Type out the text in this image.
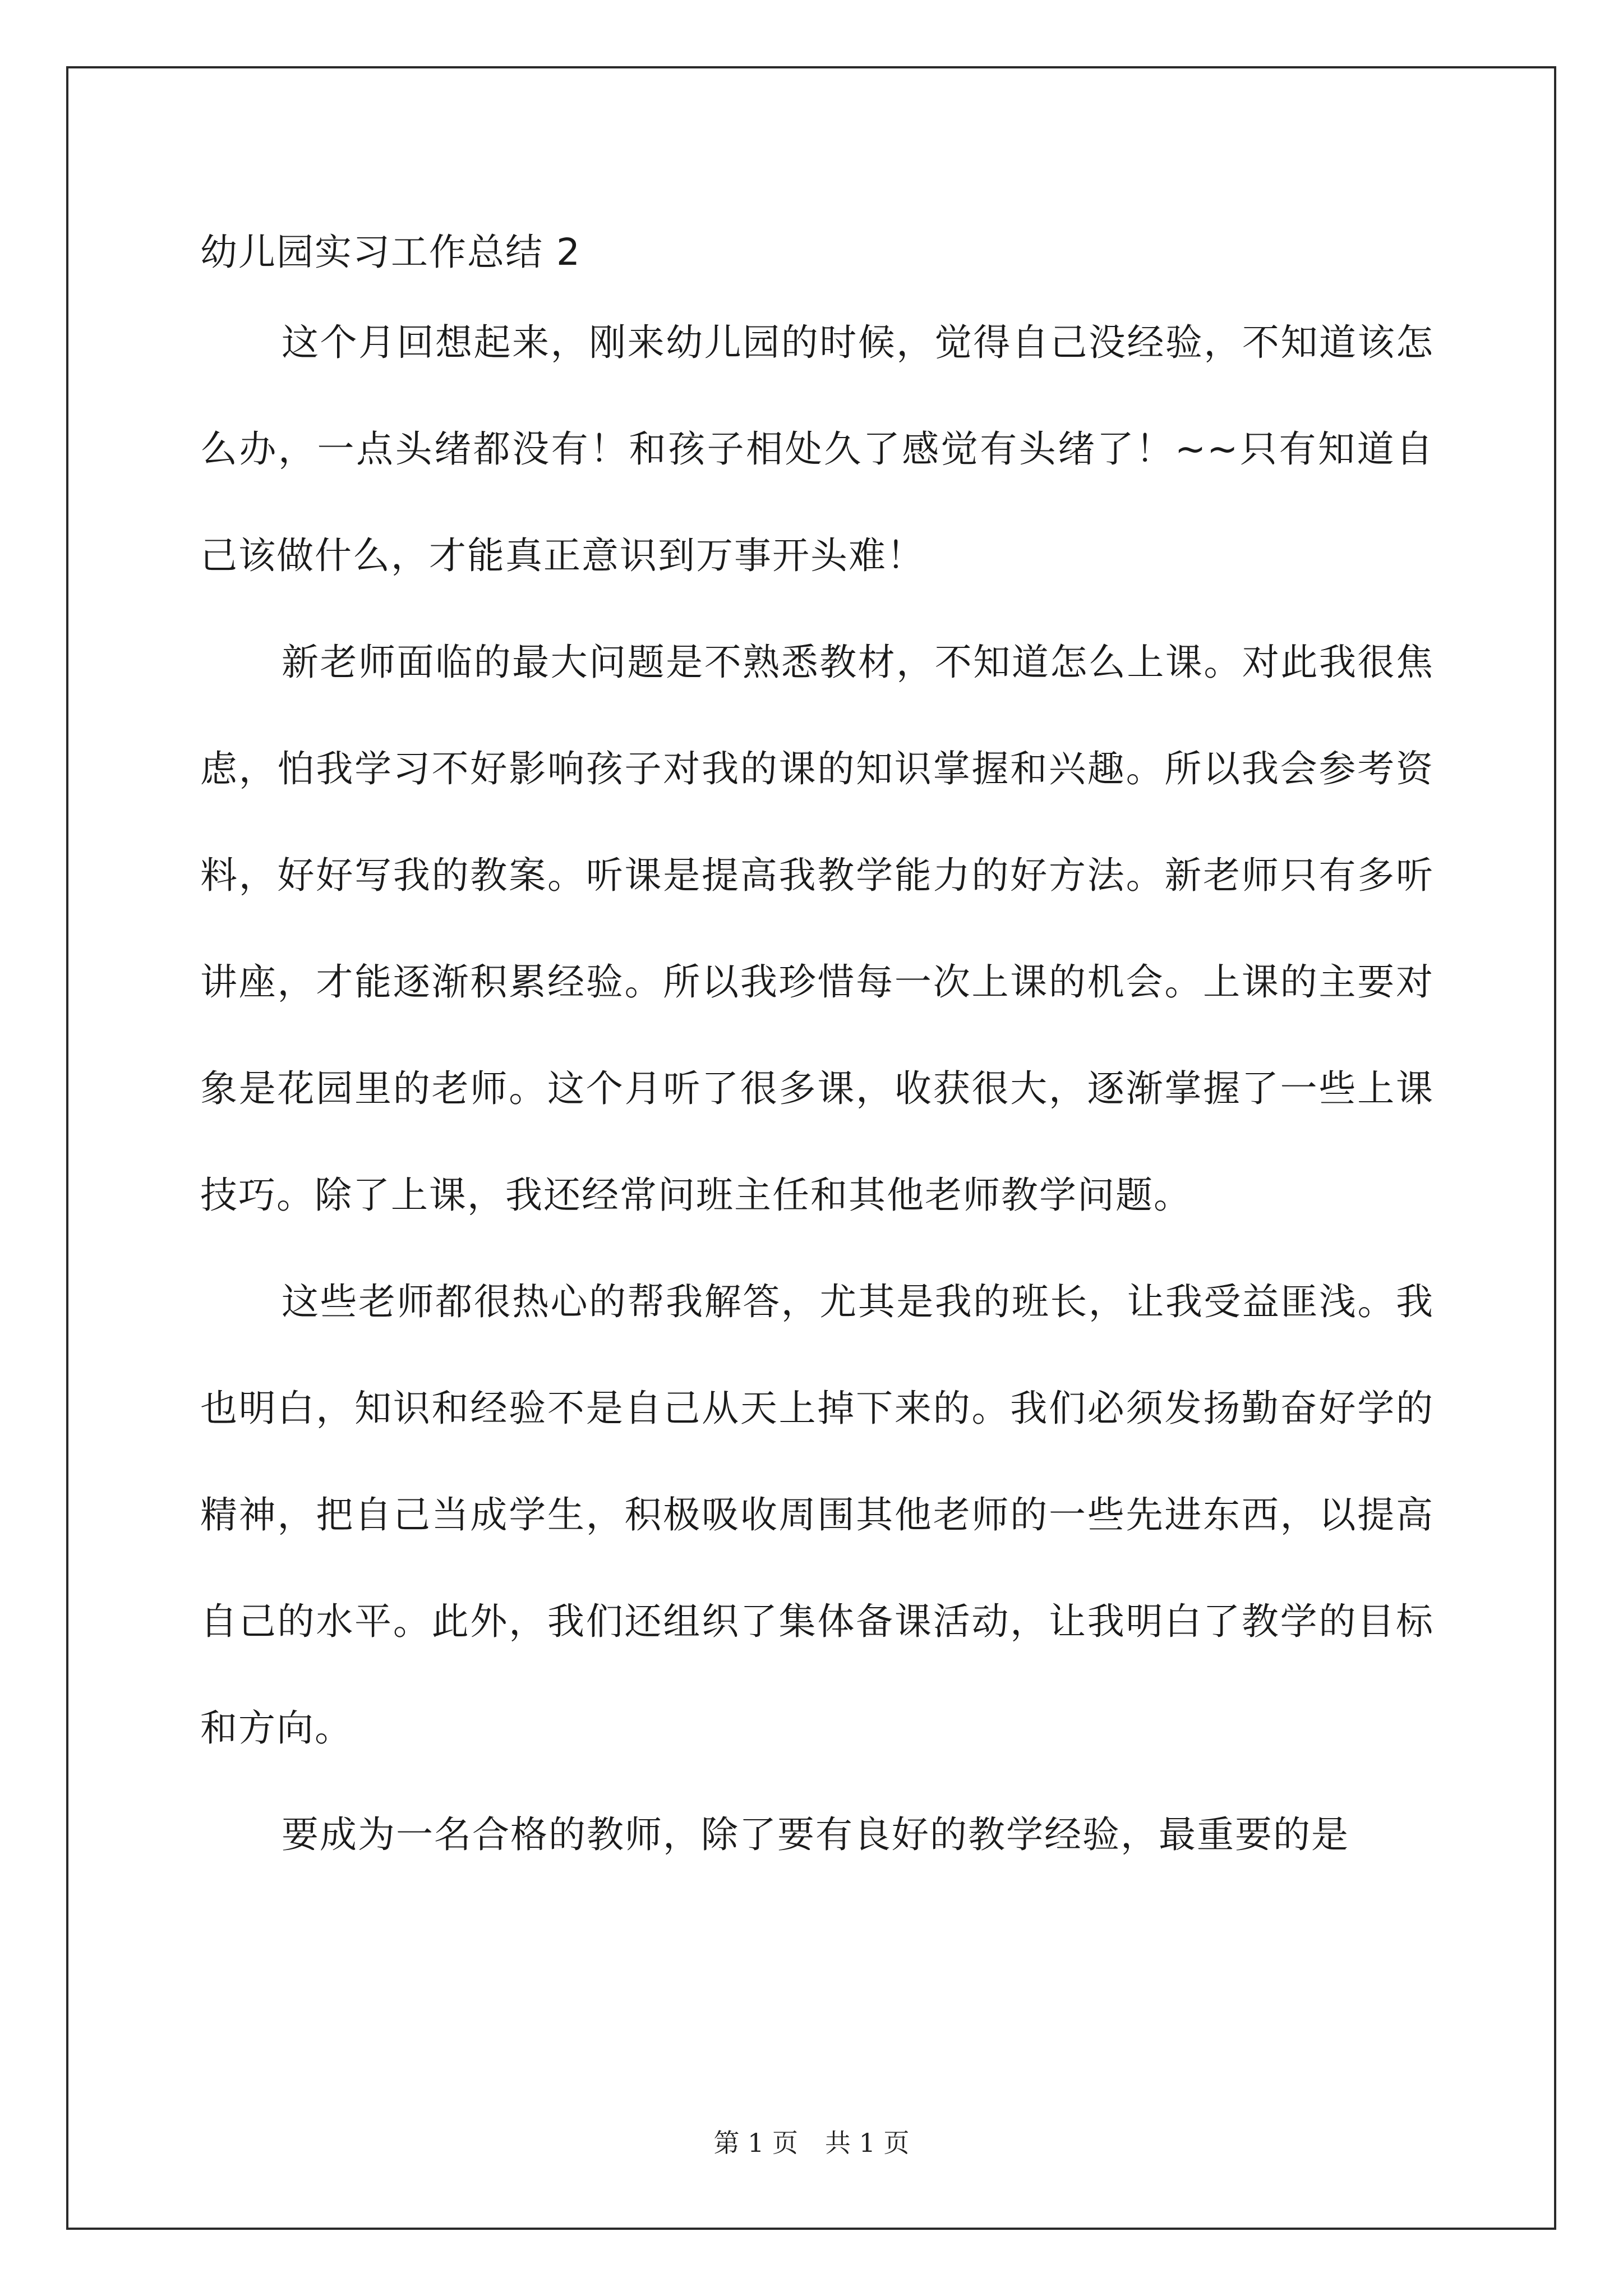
幼儿园实习工作总结 2

这个月回想起来，刚来幼儿园的时候，觉得自己没经验，不知道该怎么办，一点头绪都没有！和孩子相处久了感觉有头绪了！~~只有知道自己该做什么，才能真正意识到万事开头难！

新老师面临的最大问题是不熟悉教材，不知道怎么上课。对此我很焦虑，怕我学习不好影响孩子对我的课的知识掌握和兴趣。所以我会参考资料，好好写我的教案。听课是提高我教学能力的好方法。新老师只有多听讲座，才能逐渐积累经验。所以我珍惜每一次上课的机会。上课的主要对象是花园里的老师。这个月听了很多课，收获很大，逐渐掌握了一些上课技巧。除了上课，我还经常问班主任和其他老师教学问题。

这些老师都很热心的帮我解答，尤其是我的班长，让我受益匪浅。我也明白，知识和经验不是自己从天上掉下来的。我们必须发扬勤奋好学的精神，把自己当成学生，积极吸收周围其他老师的一些先进东西，以提高自己的水平。此外，我们还组织了集体备课活动，让我明白了教学的目标和方向。

要成为一名合格的教师，除了要有良好的教学经验，最重要的是

第 1 页 共 1 页
